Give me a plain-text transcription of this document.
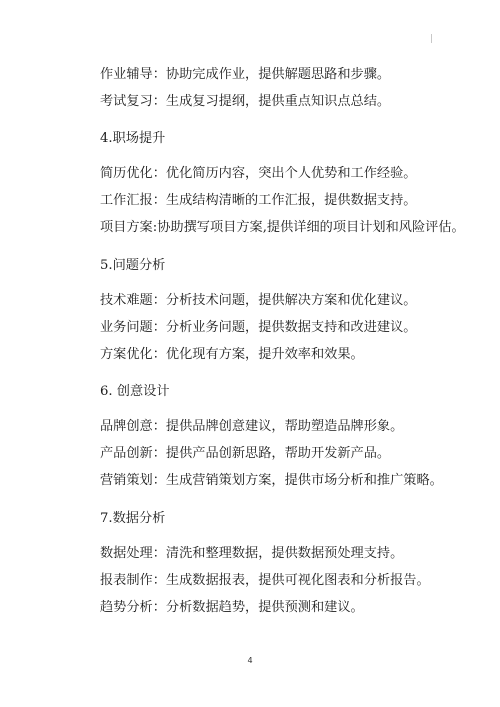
作业辅导：协助完成作业，提供解题思路和步骤。
考试复习：生成复习提纲，提供重点知识点总结。
4.职场提升
简历优化：优化简历内容，突出个人优势和工作经验。
工作汇报：生成结构清晰的工作汇报，提供数据支持。
项目方案:协助撰写项目方案,提供详细的项目计划和风险评估。
5.问题分析
技术难题：分析技术问题，提供解决方案和优化建议。
业务问题：分析业务问题，提供数据支持和改进建议。
方案优化：优化现有方案，提升效率和效果。
6. 创意设计
品牌创意：提供品牌创意建议，帮助塑造品牌形象。
产品创新：提供产品创新思路，帮助开发新产品。
营销策划：生成营销策划方案，提供市场分析和推广策略。
7.数据分析
数据处理：清洗和整理数据，提供数据预处理支持。
报表制作：生成数据报表，提供可视化图表和分析报告。
趋势分析：分析数据趋势，提供预测和建议。
4
